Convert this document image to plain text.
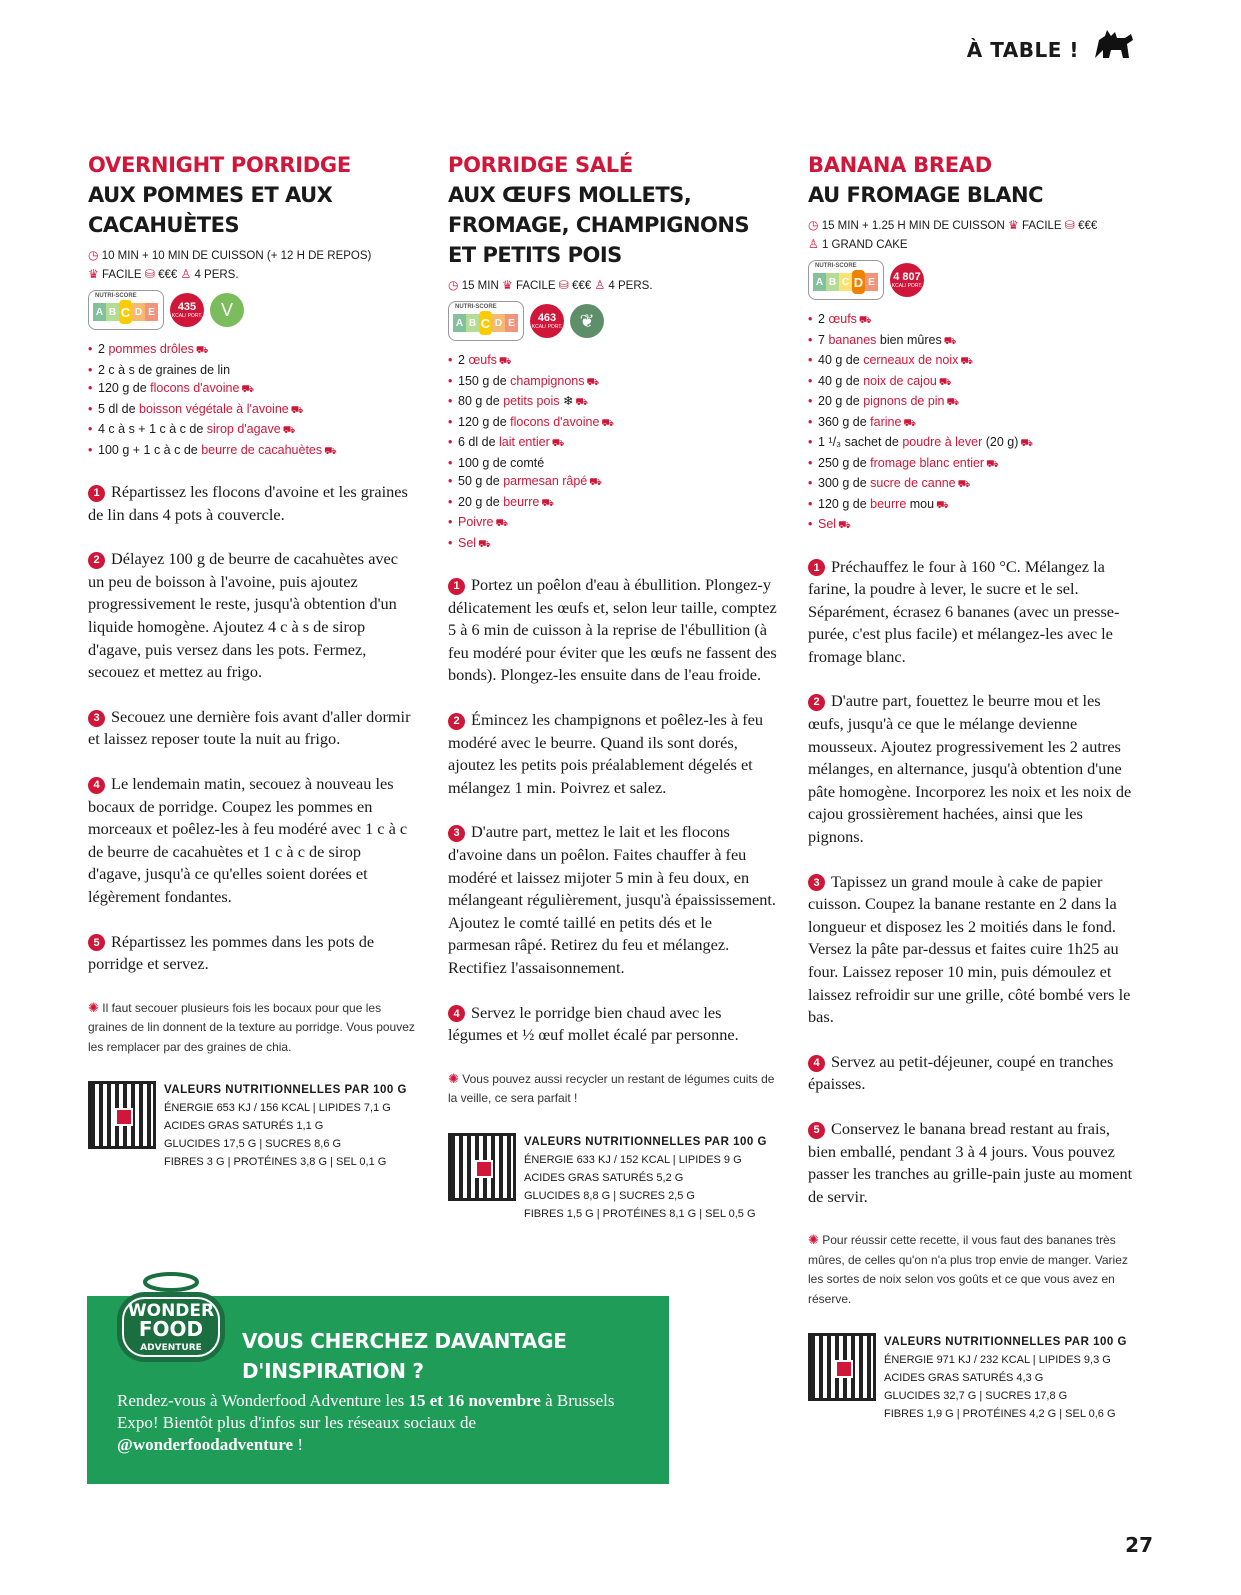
À TABLE !
OVERNIGHT PORRIDGE
AUX POMMES ET AUX CACAHUÈTES
◷ 10 MIN + 10 MIN DE CUISSON (+ 12 H DE REPOS)
♛ FACILE ⛁ €€€ ♙ 4 PERS.
NUTRI-SCORE
A B C D E	435
KCAL/ PORT.	V
• 2 pommes drôles ⛟
• 2 c à s de graines de lin
• 120 g de flocons d'avoine ⛟
• 5 dl de boisson végétale à l'avoine ⛟
• 4 c à s + 1 c à c de sirop d'agave ⛟
• 100 g + 1 c à c de beurre de cacahuètes ⛟

1 Répartissez les flocons d'avoine et les graines de lin dans 4 pots à couvercle.

2 Délayez 100 g de beurre de cacahuètes avec un peu de boisson à l'avoine, puis ajoutez progressivement le reste, jusqu'à obtention d'un liquide homogène. Ajoutez 4 c à s de sirop d'agave, puis versez dans les pots. Fermez, secouez et mettez au frigo.

3 Secouez une dernière fois avant d'aller dormir et laissez reposer toute la nuit au frigo.

4 Le lendemain matin, secouez à nouveau les bocaux de porridge. Coupez les pommes en morceaux et poêlez-les à feu modéré avec 1 c à c de beurre de cacahuètes et 1 c à c de sirop d'agave, jusqu'à ce qu'elles soient dorées et légèrement fondantes.

5 Répartissez les pommes dans les pots de porridge et servez.

✺ Il faut secouer plusieurs fois les bocaux pour que les graines de lin donnent de la texture au porridge. Vous pouvez les remplacer par des graines de chia.
VALEURS NUTRITIONNELLES PAR 100 G
ÉNERGIE 653 KJ / 156 KCAL | LIPIDES 7,1 G
ACIDES GRAS SATURÉS 1,1 G
GLUCIDES 17,5 G | SUCRES 8,6 G
FIBRES 3 G | PROTÉINES 3,8 G | SEL 0,1 G
PORRIDGE SALÉ
AUX ŒUFS MOLLETS, FROMAGE, CHAMPIGNONS ET PETITS POIS
◷ 15 MIN ♛ FACILE ⛁ €€€ ♙ 4 PERS.
NUTRI-SCORE
A B C D E	463
KCAL/ PORT. ❦
• 2 œufs ⛟
• 150 g de champignons ⛟
• 80 g de petits pois ❄ ⛟
• 120 g de flocons d'avoine ⛟
• 6 dl de lait entier ⛟
• 100 g de comté
• 50 g de parmesan râpé ⛟
• 20 g de beurre ⛟
• Poivre ⛟
• Sel ⛟

1 Portez un poêlon d'eau à ébullition. Plongez-y délicatement les œufs et, selon leur taille, comptez 5 à 6 min de cuisson à la reprise de l'ébullition (à feu modéré pour éviter que les œufs ne fassent des bonds). Plongez-les ensuite dans de l'eau froide.

2 Émincez les champignons et poêlez-les à feu modéré avec le beurre. Quand ils sont dorés, ajoutez les petits pois préalablement dégelés et mélangez 1 min. Poivrez et salez.

3 D'autre part, mettez le lait et les flocons d'avoine dans un poêlon. Faites chauffer à feu modéré et laissez mijoter 5 min à feu doux, en mélangeant régulièrement, jusqu'à épaississement. Ajoutez le comté taillé en petits dés et le parmesan râpé. Retirez du feu et mélangez. Rectifiez l'assaisonnement.

4 Servez le porridge bien chaud avec les légumes et ½ œuf mollet écalé par personne.

✺ Vous pouvez aussi recycler un restant de légumes cuits de la veille, ce sera parfait !
VALEURS NUTRITIONNELLES PAR 100 G
ÉNERGIE 633 KJ / 152 KCAL | LIPIDES 9 G
ACIDES GRAS SATURÉS 5,2 G
GLUCIDES 8,8 G | SUCRES 2,5 G
FIBRES 1,5 G | PROTÉINES 8,1 G | SEL 0,5 G
BANANA BREAD
AU FROMAGE BLANC
◷ 15 MIN + 1.25 H MIN DE CUISSON ♛ FACILE ⛁ €€€
♙ 1 GRAND CAKE
NUTRI-SCORE
A B C D E 4 807
KCAL/ PORT.
• 2 œufs ⛟
• 7 bananes bien mûres ⛟
• 40 g de cerneaux de noix ⛟
• 40 g de noix de cajou ⛟
• 20 g de pignons de pin ⛟
• 360 g de farine ⛟
• 1 ¹/₃ sachet de poudre à lever (20 g) ⛟
• 250 g de fromage blanc entier ⛟
• 300 g de sucre de canne ⛟
• 120 g de beurre mou ⛟
• Sel ⛟

1 Préchauffez le four à 160 °C. Mélangez la farine, la poudre à lever, le sucre et le sel. Séparément, écrasez 6 bananes (avec un presse-purée, c'est plus facile) et mélangez-les avec le fromage blanc.

2 D'autre part, fouettez le beurre mou et les œufs, jusqu'à ce que le mélange devienne mousseux. Ajoutez progressivement les 2 autres mélanges, en alternance, jusqu'à obtention d'une pâte homogène. Incorporez les noix et les noix de cajou grossièrement hachées, ainsi que les pignons.

3 Tapissez un grand moule à cake de papier cuisson. Coupez la banane restante en 2 dans la longueur et disposez les 2 moitiés dans le fond. Versez la pâte par-dessus et faites cuire 1h25 au four. Laissez reposer 10 min, puis démoulez et laissez refroidir sur une grille, côté bombé vers le bas.

4 Servez au petit-déjeuner, coupé en tranches épaisses.

5 Conservez le banana bread restant au frais, bien emballé, pendant 3 à 4 jours. Vous pouvez passer les tranches au grille-pain juste au moment de servir.

✺ Pour réussir cette recette, il vous faut des bananes très mûres, de celles qu'on n'a plus trop envie de manger. Variez les sortes de noix selon vos goûts et ce que vous avez en réserve.
VALEURS NUTRITIONNELLES PAR 100 G
ÉNERGIE 971 KJ / 232 KCAL | LIPIDES 9,3 G
ACIDES GRAS SATURÉS 4,3 G
GLUCIDES 32,7 G | SUCRES 17,8 G
FIBRES 1,9 G | PROTÉINES 4,2 G | SEL 0,6 G
WONDER
FOOD
ADVENTURE VOUS CHERCHEZ DAVANTAGE
D'INSPIRATION ?
Rendez-vous à Wonderfood Adventure les 15 et 16 novembre à Brussels Expo! Bientôt plus d'infos sur les réseaux sociaux de @wonderfoodadventure !
27
